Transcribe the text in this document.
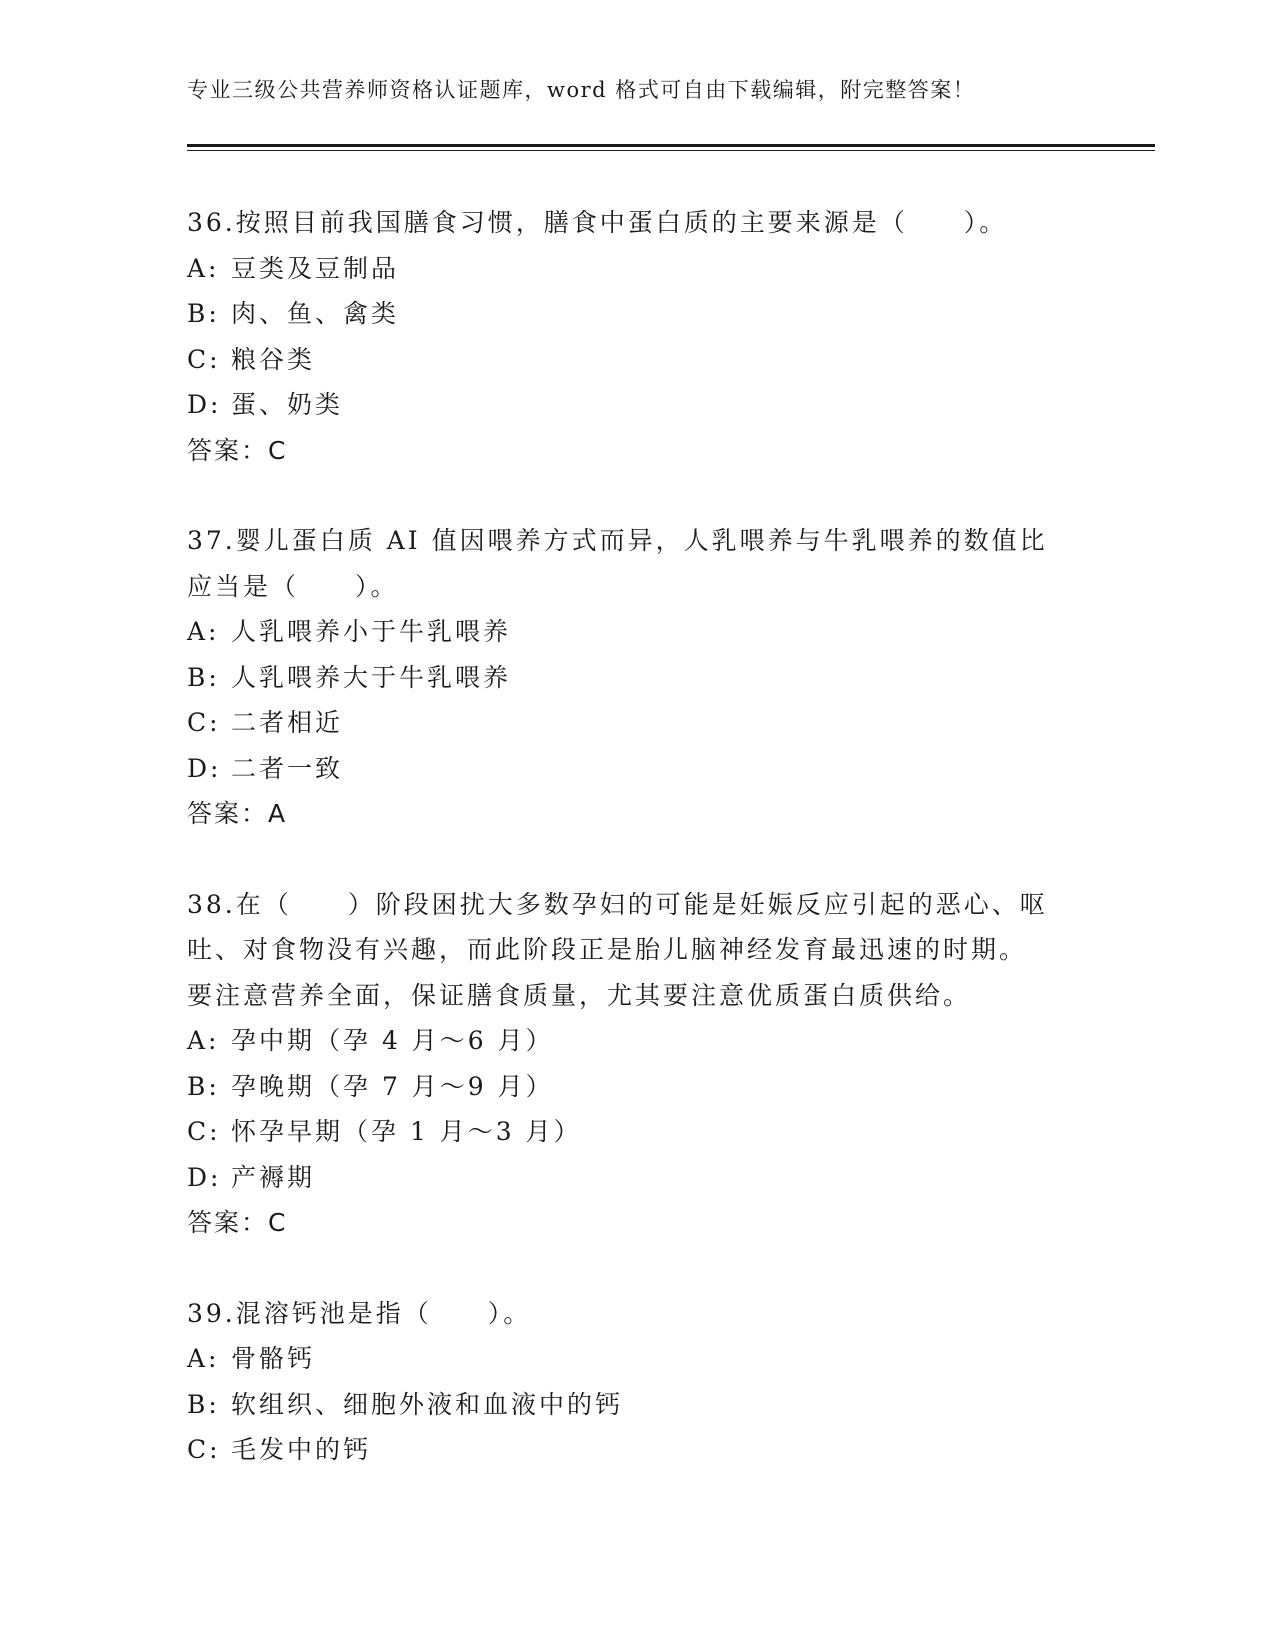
专业三级公共营养师资格认证题库，word 格式可自由下载编辑，附完整答案！
36.按照目前我国膳食习惯，膳食中蛋白质的主要来源是（　　）。
A: 豆类及豆制品
B: 肉、鱼、禽类
C: 粮谷类
D: 蛋、奶类
答案：C
37.婴儿蛋白质 AI 值因喂养方式而异，人乳喂养与牛乳喂养的数值比
应当是（　　）。
A: 人乳喂养小于牛乳喂养
B: 人乳喂养大于牛乳喂养
C: 二者相近
D: 二者一致
答案：A
38.在（　　）阶段困扰大多数孕妇的可能是妊娠反应引起的恶心、呕
吐、对食物没有兴趣，而此阶段正是胎儿脑神经发育最迅速的时期。
要注意营养全面，保证膳食质量，尤其要注意优质蛋白质供给。
A: 孕中期（孕 4 月～6 月）
B: 孕晚期（孕 7 月～9 月）
C: 怀孕早期（孕 1 月～3 月）
D: 产褥期
答案：C
39.混溶钙池是指（　　）。
A: 骨骼钙
B: 软组织、细胞外液和血液中的钙
C: 毛发中的钙
